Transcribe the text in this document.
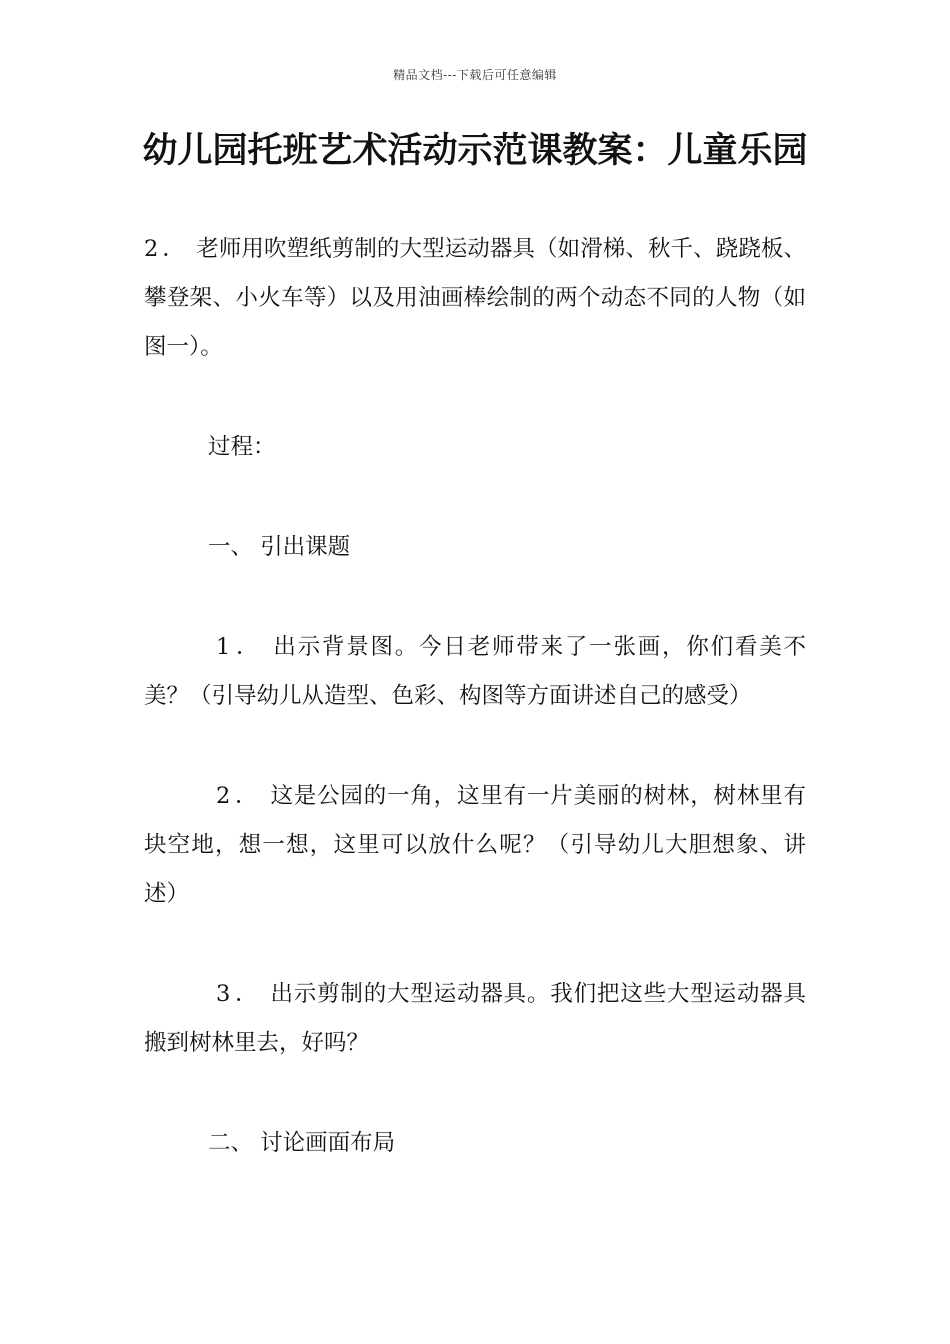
精品文档---下载后可任意编辑
幼儿园托班艺术活动示范课教案：儿童乐园

2． 老师用吹塑纸剪制的大型运动器具（如滑梯、秋千、跷跷板、攀登架、小火车等）以及用油画棒绘制的两个动态不同的人物（如图一）。

过程：

一、 引出课题

1． 出示背景图。今日老师带来了一张画，你们看美不美？（引导幼儿从造型、色彩、构图等方面讲述自己的感受）

2． 这是公园的一角，这里有一片美丽的树林，树林里有块空地，想一想，这里可以放什么呢？（引导幼儿大胆想象、讲述）

3． 出示剪制的大型运动器具。我们把这些大型运动器具搬到树林里去，好吗？

二、 讨论画面布局
